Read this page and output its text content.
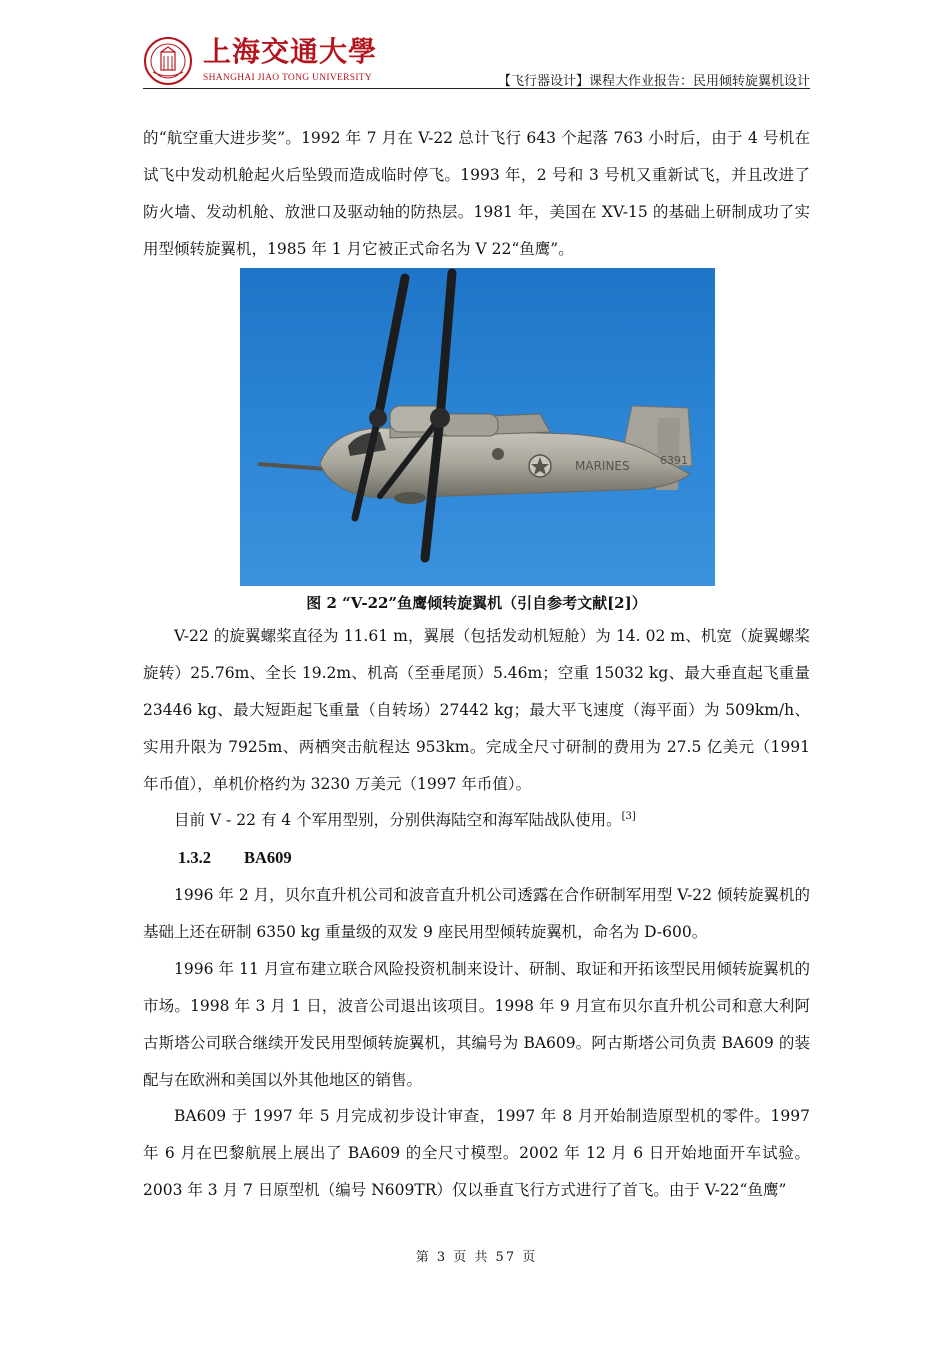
上海交通大學
SHANGHAI JIAO TONG UNIVERSITY	【飞行器设计】课程大作业报告：民用倾转旋翼机设计

的“航空重大进步奖”。1992 年 7 月在 V-22 总计飞行 643 个起落 763 小时后，由于 4 号机在试飞中发动机舱起火后坠毁而造成临时停飞。1993 年，2 号和 3 号机又重新试飞，并且改进了防火墙、发动机舱、放泄口及驱动轴的防热层。1981 年，美国在 XV-15 的基础上研制成功了实用型倾转旋翼机，1985 年 1 月它被正式命名为 V 22“鱼鹰”。

MARINES	6391

图 2 “V-22”鱼鹰倾转旋翼机（引自参考文献[2]）

V-22 的旋翼螺桨直径为 11.61 m，翼展（包括发动机短舱）为 14. 02 m、机宽（旋翼螺桨旋转）25.76m、全长 19.2m、机高（至垂尾顶）5.46m；空重 15032 kg、最大垂直起飞重量 23446 kg、最大短距起飞重量（自转场）27442 kg；最大平飞速度（海平面）为 509km/h、实用升限为 7925m、两栖突击航程达 953km。完成全尺寸研制的费用为 27.5 亿美元（1991 年币值），单机价格约为 3230 万美元（1997 年币值）。

目前 V - 22 有 4 个军用型别，分别供海陆空和海军陆战队使用。[3]

1.3.2 BA609

1996 年 2 月，贝尔直升机公司和波音直升机公司透露在合作研制军用型 V-22 倾转旋翼机的基础上还在研制 6350 kg 重量级的双发 9 座民用型倾转旋翼机，命名为 D-600。

1996 年 11 月宣布建立联合风险投资机制来设计、研制、取证和开拓该型民用倾转旋翼机的市场。1998 年 3 月 1 日，波音公司退出该项目。1998 年 9 月宣布贝尔直升机公司和意大利阿古斯塔公司联合继续开发民用型倾转旋翼机，其编号为 BA609。阿古斯塔公司负责 BA609 的装配与在欧洲和美国以外其他地区的销售。

BA609 于 1997 年 5 月完成初步设计审查，1997 年 8 月开始制造原型机的零件。1997 年 6 月在巴黎航展上展出了 BA609 的全尺寸模型。2002 年 12 月 6 日开始地面开车试验。2003 年 3 月 7 日原型机（编号 N609TR）仅以垂直飞行方式进行了首飞。由于 V-22“鱼鹰”

第 3 页 共 57 页
